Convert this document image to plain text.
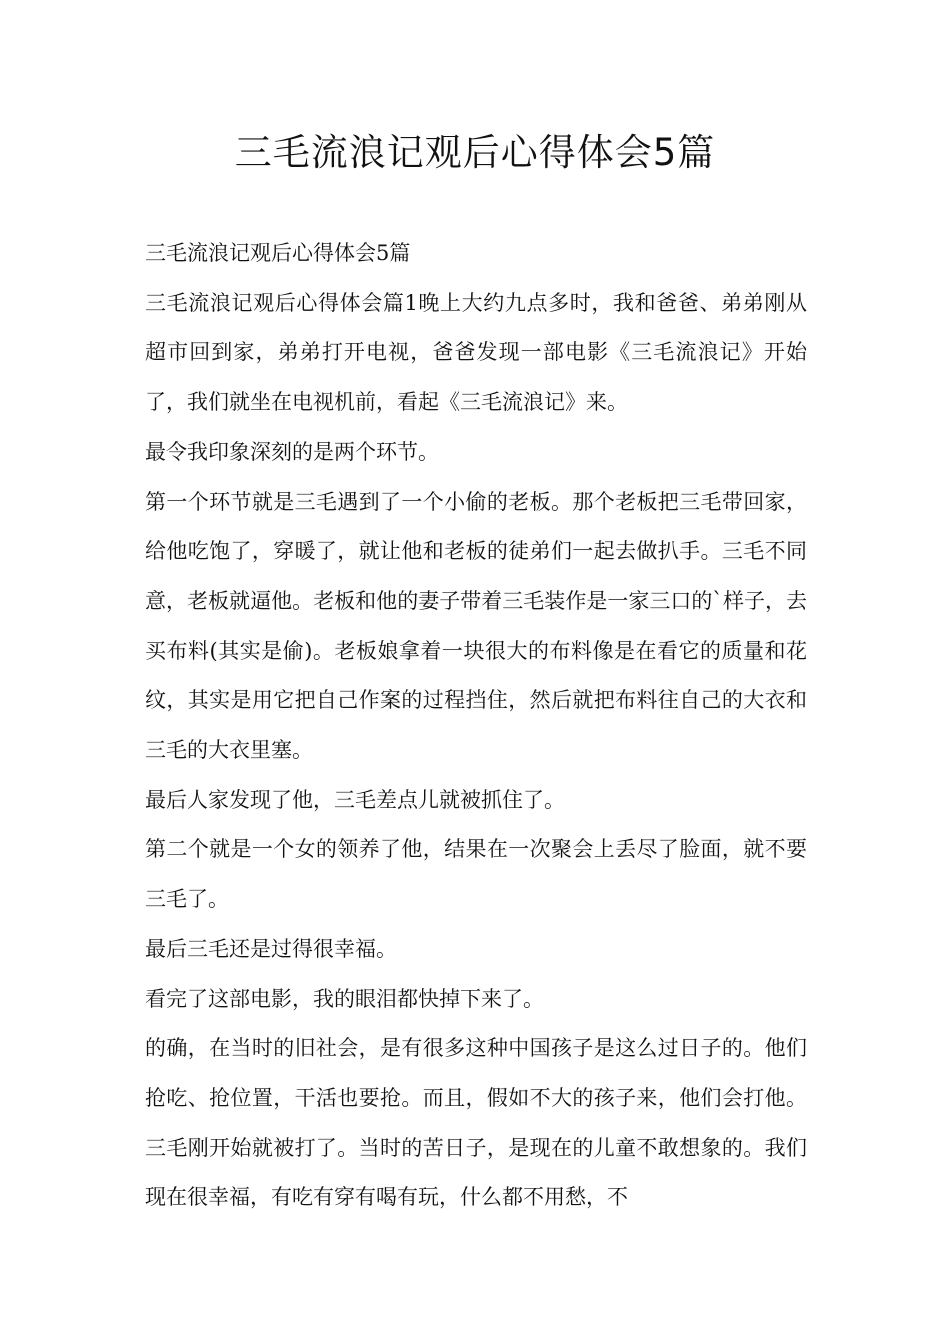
三毛流浪记观后心得体会5篇

三毛流浪记观后心得体会5篇

三毛流浪记观后心得体会篇1晚上大约九点多时，我和爸爸、弟弟刚从超市回到家，弟弟打开电视，爸爸发现一部电影《三毛流浪记》开始了，我们就坐在电视机前，看起《三毛流浪记》来。

最令我印象深刻的是两个环节。

第一个环节就是三毛遇到了一个小偷的老板。那个老板把三毛带回家，给他吃饱了，穿暖了，就让他和老板的徒弟们一起去做扒手。三毛不同意，老板就逼他。老板和他的妻子带着三毛装作是一家三口的`样子，去买布料(其实是偷)。老板娘拿着一块很大的布料像是在看它的质量和花纹，其实是用它把自己作案的过程挡住，然后就把布料往自己的大衣和三毛的大衣里塞。

最后人家发现了他，三毛差点儿就被抓住了。

第二个就是一个女的领养了他，结果在一次聚会上丢尽了脸面，就不要三毛了。

最后三毛还是过得很幸福。

看完了这部电影，我的眼泪都快掉下来了。

的确，在当时的旧社会，是有很多这种中国孩子是这么过日子的。他们抢吃、抢位置，干活也要抢。而且，假如不大的孩子来，他们会打他。三毛刚开始就被打了。当时的苦日子，是现在的儿童不敢想象的。我们现在很幸福，有吃有穿有喝有玩，什么都不用愁，不
